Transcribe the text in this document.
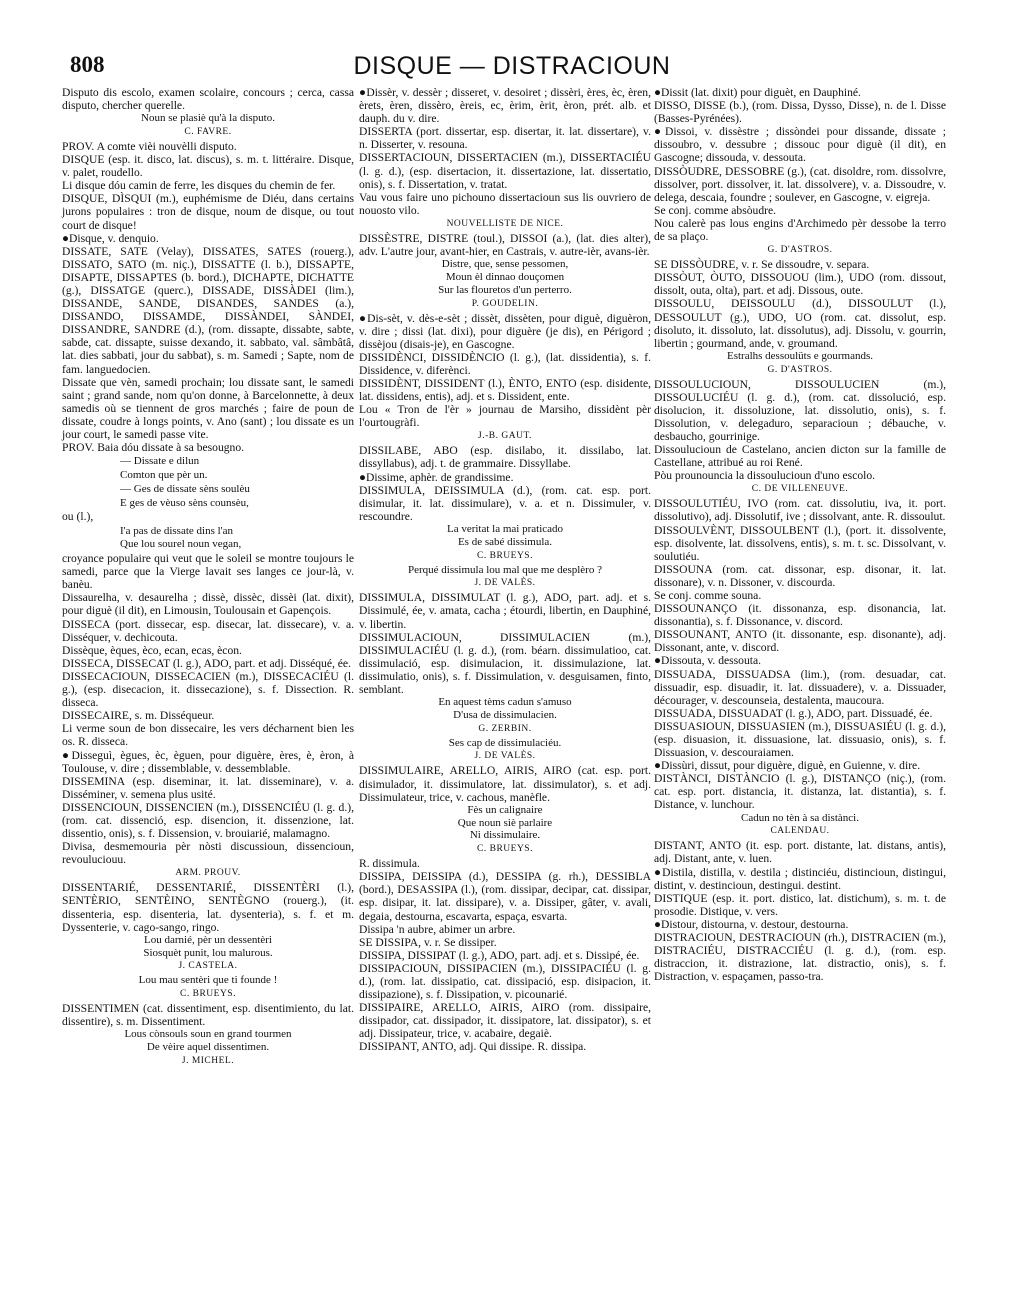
808	DISQUE — DISTRACIOUN

Disputo dis escolo, examen scolaire, concours ; cerca, cassa disputo, chercher querelle.

Noun se plasiè qu'à la disputo.

C. FAVRE.

PROV. A comte vièi nouvèlli disputo.

DISQUE (esp. it. disco, lat. discus), s. m. t. littéraire. Disque, v. palet, roudello.

Li disque dóu camin de ferre, les disques du chemin de fer.

DISQUE, DÌSQUI (m.), euphémisme de Diéu, dans certains jurons populaires : tron de disque, noum de disque, ou tout court de disque!

●Disque, v. denquio.

DISSATE, SATE (Velay), DISSATES, SATES (rouerg.), DISSATO, SATO (m. niç.), DISSATTE (l. b.), DISSAPTE, DISAPTE, DISSAPTES (b. bord.), DICHAPTE, DICHATTE (g.), DISSATGE (querc.), DISSADE, DISSÀDEI (lim.), DISSANDE, SANDE, DISANDES, SANDES (a.), DISSANDO, DISSAMDE, DISSÀNDEI, SÀNDEI, DISSANDRE, SANDRE (d.), (rom. dissapte, dissabte, sabte, sabde, cat. dissapte, suisse dexando, it. sabbato, val. sâmbâtâ, lat. dies sabbati, jour du sabbat), s. m. Samedi ; Sapte, nom de fam. languedocien.

Dissate que vèn, samedi prochain; lou dissate sant, le samedi saint ; grand sande, nom qu'on donne, à Barcelonnette, à deux samedis où se tiennent de gros marchés ; faire de poun de dissate, coudre à longs points, v. Ano (sant) ; lou dissate es un jour court, le samedi passe vite.

PROV. Baia dóu dissate à sa besougno.

— Dissate e dilun

Comton que pèr un.

— Ges de dissate sèns soulèu

E ges de vèuso sèns counsèu,

ou (l.),

I'a pas de dissate dins l'an

Que lou sourel noun vegan,

croyance populaire qui veut que le soleil se montre toujours le samedi, parce que la Vierge lavait ses langes ce jour-là, v. banèu.

Dissaurelha, v. desaurelha ; dissè, dissèc, dissèi (lat. dixit), pour diguè (il dit), en Limousin, Toulousain et Gapençois.

DISSECA (port. dissecar, esp. disecar, lat. dissecare), v. a. Disséquer, v. dechicouta.

Dissèque, èques, èco, ecan, ecas, ècon.

DISSECA, DISSECAT (l. g.), ADO, part. et adj. Disséqué, ée.

DISSECACIOUN, DISSECACIEN (m.), DISSECACIÉU (l. g.), (esp. disecacion, it. dissecazione), s. f. Dissection. R. disseca.

DISSECAIRE, s. m. Disséqueur.

Li verme soun de bon dissecaire, les vers décharnent bien les os. R. disseca.

●Disseguì, ègues, èc, èguen, pour diguère, ères, è, èron, à Toulouse, v. dire ; dissemblable, v. dessemblable.

DISSEMINA (esp. diseminar, it. lat. disseminare), v. a. Disséminer, v. semena plus usité.

DISSENCIOUN, DISSENCIEN (m.), DISSENCIÉU (l. g. d.), (rom. cat. dissenció, esp. disencion, it. dissenzione, lat. dissentio, onis), s. f. Dissension, v. brouiarié, malamagno.

Divisa, desmemouria pèr nòsti discussioun, dissencioun, revouluciouu.

ARM. PROUV.

DISSENTARIÉ, DESSENTARIÉ, DISSENTÈRI (l.), SENTÈRIO, SENTÈINO, SENTÈGNO (rouerg.), (it. dissenteria, esp. disenteria, lat. dysenteria), s. f. et m. Dyssenterie, v. cago-sango, ringo.

Lou darnié, pèr un dessentèri

Siosquèt punit, lou malurous.

J. CASTELA.

Lou mau sentèri que ti founde !

C. BRUEYS.

DISSENTIMEN (cat. dissentiment, esp. disentimiento, du lat. dissentire), s. m. Dissentiment.

Lous cònsouls soun en grand tourmen

De vèire aquel dissentimen.

J. MICHEL.

●Dissèr, v. dessèr ; disseret, v. desoiret ; dissèri, ères, èc, èren, èrets, èren, dissèro, èreis, ec, èrim, èrit, èron, prét. alb. et dauph. du v. dire.

DISSERTA (port. dissertar, esp. disertar, it. lat. dissertare), v. n. Disserter, v. resouna.

DISSERTACIOUN, DISSERTACIEN (m.), DISSERTACIÉU (l. g. d.), (esp. disertacion, it. dissertazione, lat. dissertatio, onis), s. f. Dissertation, v. tratat.

Vau vous faire uno pichouno dissertacioun sus lis ouvriero de nouosto vilo.

NOUVELLISTE DE NICE.

DISSÈSTRE, DISTRE (toul.), DISSOI (a.), (lat. dies alter), adv. L'autre jour, avant-hier, en Castrais, v. autre-ièr, avans-ièr.

Distre, que, sense pessomen,

Moun èl dinnao douçomen

Sur las flouretos d'un perterro.

P. GOUDELIN.

●Dis-sèt, v. dès-e-sèt ; dissèt, dissèten, pour diguè, diguèron, v. dire ; dissi (lat. dixi), pour diguère (je dis), en Périgord ; dissèjou (disais-je), en Gascogne.

DISSIDÈNCI, DISSIDÈNCIO (l. g.), (lat. dissidentia), s. f. Dissidence, v. diferènci.

DISSIDÈNT, DISSIDENT (l.), ÈNTO, ENTO (esp. disidente, lat. dissidens, entis), adj. et s. Dissident, ente.

Lou « Tron de l'èr » journau de Marsiho, dissidènt pèr l'ourtougràfi.

J.-B. GAUT.

DISSILABE, ABO (esp. disilabo, it. dissilabo, lat. dissyllabus), adj. t. de grammaire. Dissyllabe.

●Dissime, aphèr. de grandissime.

DISSIMULA, DEISSIMULA (d.), (rom. cat. esp. port. disimular, it. lat. dissimulare), v. a. et n. Dissimuler, v. rescoundre.

La veritat la mai praticado

Es de sabé dissimula.

C. BRUEYS.

Perqué dissimula lou mal que me desplèro ?

J. DE VALÈS.

DISSIMULA, DISSIMULAT (l. g.), ADO, part. adj. et s. Dissimulé, ée, v. amata, cacha ; étourdi, libertin, en Dauphiné, v. libertin.

DISSIMULACIOUN, DISSIMULACIEN (m.), DISSIMULACIÉU (l. g. d.), (rom. béarn. dissimulatioo, cat. dissimulació, esp. disimulacion, it. dissimulazione, lat. dissimulatio, onis), s. f. Dissimulation, v. desguisamen, finto, semblant.

En aquest tèms cadun s'amuso

D'usa de dissimulacien.

G. ZERBIN.

Ses cap de dissimulaciéu.

J. DE VALÈS.

DISSIMULAIRE, ARELLO, AIRIS, AIRO (cat. esp. port. disimulador, it. dissimulatore, lat. dissimulator), s. et adj. Dissimulateur, trice, v. cachous, manèfle.

Fès un calignaire

Que noun siè parlaire

Ni dissimulaire.

C. BRUEYS.

R. dissimula.

DISSIPA, DEISSIPA (d.), DESSIPA (g. rh.), DESSIBLA (bord.), DESASSIPA (l.), (rom. dissipar, decipar, cat. dissipar, esp. disipar, it. lat. dissipare), v. a. Dissiper, gâter, v. avali, degaia, destourna, escavarta, espaça, esvarta.

Dissipa 'n aubre, abimer un arbre.

SE DISSIPA, v. r. Se dissiper.

DISSIPA, DISSIPAT (l. g.), ADO, part. adj. et s. Dissipé, ée.

DISSIPACIOUN, DISSIPACIEN (m.), DISSIPACIÉU (l. g. d.), (rom. lat. dissipatio, cat. dissipació, esp. disipacion, it. dissipazione), s. f. Dissipation, v. picounarié.

DISSIPAIRE, ARELLO, AIRIS, AIRO (rom. dissipaire, dissipador, cat. dissipador, it. dissipatore, lat. dissipator), s. et adj. Dissipateur, trice, v. acabaire, degaiè.

DISSIPANT, ANTO, adj. Qui dissipe. R. dissipa.

●Dissit (lat. dixit) pour diguèt, en Dauphiné.

DISSO, DISSE (b.), (rom. Dissa, Dysso, Disse), n. de l. Disse (Basses-Pyrénées).

●Dissoi, v. dissèstre ; dissòndei pour dissande, dissate ; dissoubro, v. dessubre ; dissouc pour diguè (il dit), en Gascogne; dissouda, v. dessouta.

DISSÒUDRE, DESSOBRE (g.), (cat. disoldre, rom. dissolvre, dissolver, port. dissolver, it. lat. dissolvere), v. a. Dissoudre, v. delega, descaia, foundre ; soulever, en Gascogne, v. eigreja.

Se conj. comme absòudre.

Nou calerè pas lous engins d'Archimedo pèr dessobe la terro de sa plaço.

G. D'ASTROS.

SE DISSÒUDRE, v. r. Se dissoudre, v. separa.

DISSÒUT, ÒUTO, DISSOUOU (lim.), UDO (rom. dissout, dissolt, outa, olta), part. et adj. Dissous, oute.

DISSOULU, DEISSOULU (d.), DISSOULUT (l.), DESSOULUT (g.), UDO, UO (rom. cat. dissolut, esp. disoluto, it. dissoluto, lat. dissolutus), adj. Dissolu, v. gourrin, libertin ; gourmand, ande, v. groumand.

Estralhs dessoulüts e gourmands.

G. D'ASTROS.

DISSOULUCIOUN, DISSOULUCIEN (m.), DISSOULUCIÉU (l. g. d.), (rom. cat. dissolució, esp. disolucion, it. dissoluzione, lat. dissolutio, onis), s. f. Dissolution, v. delegaduro, separacioun ; débauche, v. desbaucho, gourrinige.

Dissoulucioun de Castelano, ancien dicton sur la famille de Castellane, attribué au roi René.

Pòu prounouncia la dissoulucioun d'uno escolo.

C. DE VILLENEUVE.

DISSOULUTIÉU, IVO (rom. cat. dissolutiu, iva, it. port. dissolutivo), adj. Dissolutif, ive ; dissolvant, ante. R. dissoulut.

DISSOULVÈNT, DISSOULBENT (l.), (port. it. dissolvente, esp. disolvente, lat. dissolvens, entis), s. m. t. sc. Dissolvant, v. soulutiéu.

DISSOUNA (rom. cat. dissonar, esp. disonar, it. lat. dissonare), v. n. Dissoner, v. discourda.

Se conj. comme souna.

DISSOUNANÇO (it. dissonanza, esp. disonancia, lat. dissonantia), s. f. Dissonance, v. discord.

DISSOUNANT, ANTO (it. dissonante, esp. disonante), adj. Dissonant, ante, v. discord.

●Dissouta, v. dessouta.

DISSUADA, DISSUADSA (lim.), (rom. desuadar, cat. dissuadir, esp. disuadir, it. lat. dissuadere), v. a. Dissuader, décourager, v. descounseia, destalenta, maucoura.

DISSUADA, DISSUADAT (l. g.), ADO, part. Dissuadé, ée.

DISSUASIOUN, DISSUASIEN (m.), DISSUASIÉU (l. g. d.), (esp. disuasion, it. dissuasione, lat. dissuasio, onis), s. f. Dissuasion, v. descouraiamen.

●Dissùri, dissut, pour diguère, diguè, en Guienne, v. dire.

DISTÀNCI, DISTÀNCIO (l. g.), DISTANÇO (niç.), (rom. cat. esp. port. distancia, it. distanza, lat. distantia), s. f. Distance, v. lunchour.

Cadun no tèn à sa distànci.

CALENDAU.

DISTANT, ANTO (it. esp. port. distante, lat. distans, antis), adj. Distant, ante, v. luen.

●Distila, distilla, v. destila ; distinciéu, distincioun, distingui, distint, v. destincioun, destingui. destint.

DISTIQUE (esp. it. port. distico, lat. distichum), s. m. t. de prosodie. Distique, v. vers.

●Distour, distourna, v. destour, destourna.

DISTRACIOUN, DESTRACIOUN (rh.), DISTRACIEN (m.), DISTRACIÉU, DISTRACCIÉU (l. g. d.), (rom. esp. distraccion, it. distrazione, lat. distractio, onis), s. f. Distraction, v. espaçamen, passo-tra.
